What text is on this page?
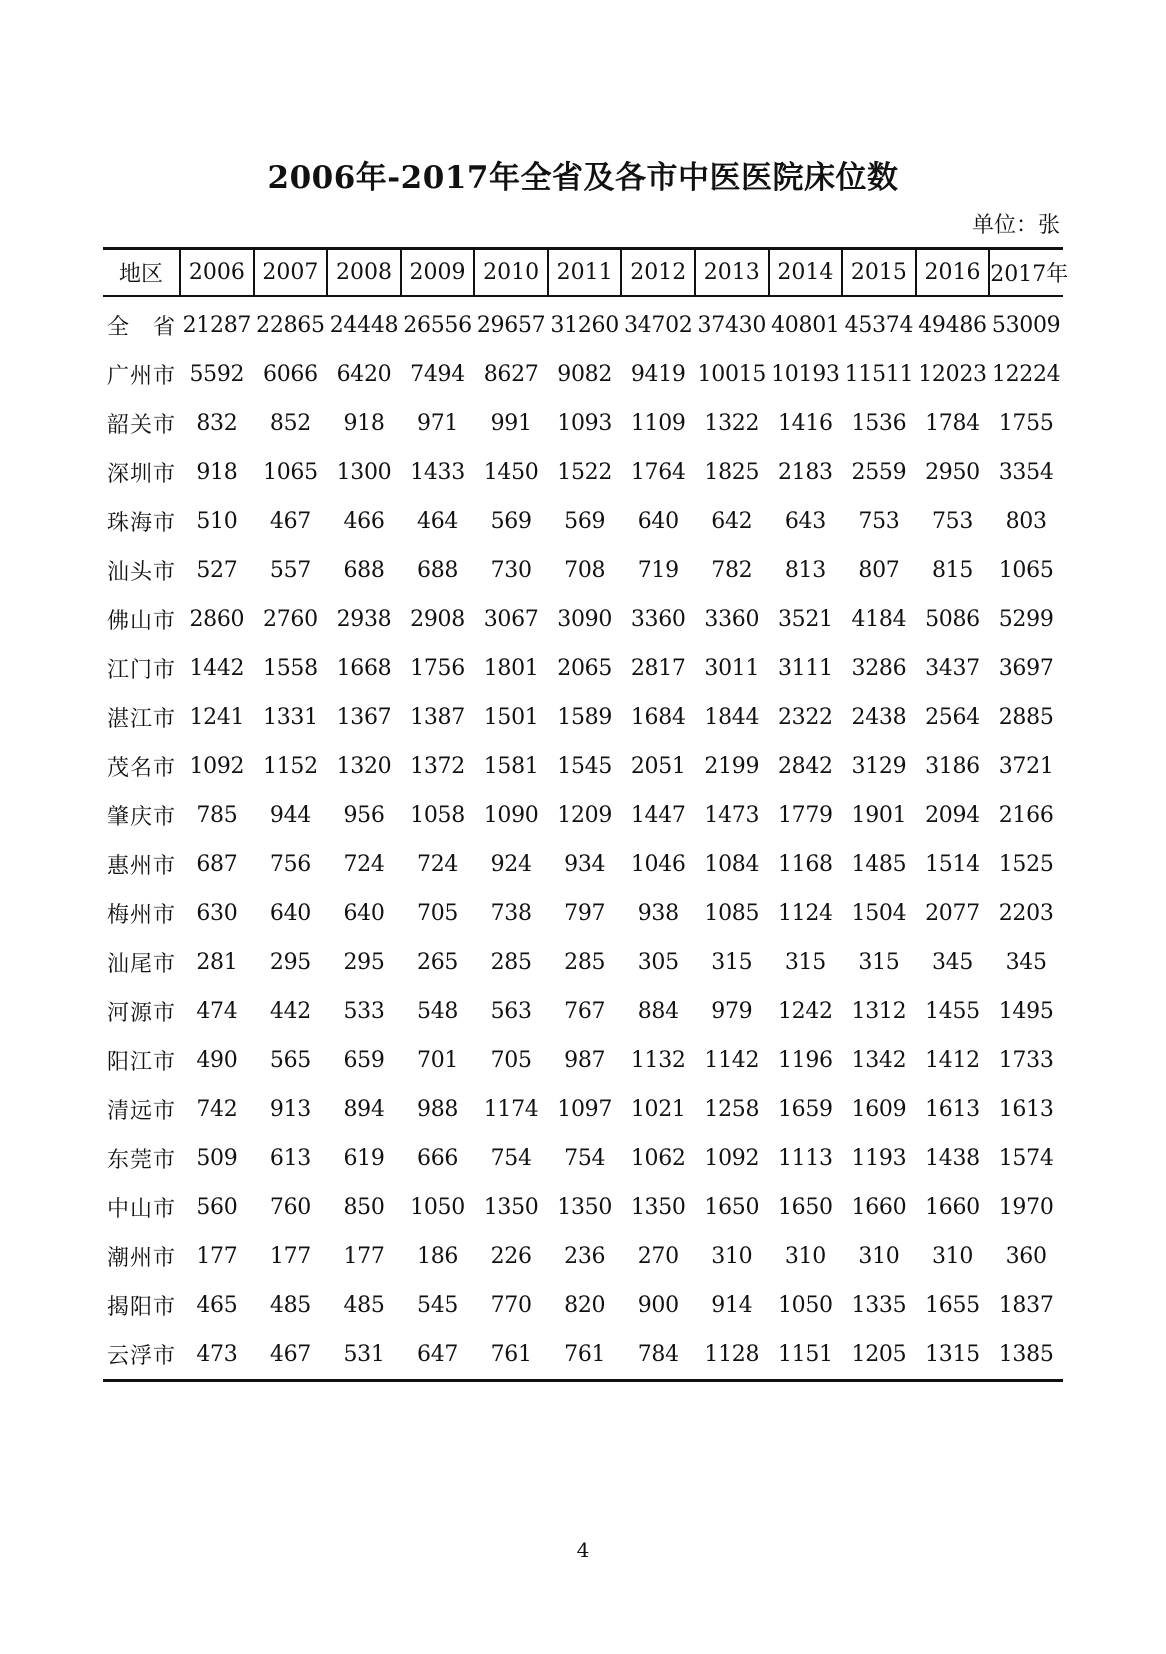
2006年-2017年全省及各市中医医院床位数
单位：张
地区	2006	2007	2008	2009	2010	2011	2012	2013	2014	2015	2016	2017年
全　省	21287	22865	24448	26556	29657	31260	34702	37430	40801	45374	49486	53009
广州市	5592	6066	6420	7494	8627	9082	9419	10015	10193	11511	12023	12224
韶关市	832	852	918	971	991	1093	1109	1322	1416	1536	1784	1755
深圳市	918	1065	1300	1433	1450	1522	1764	1825	2183	2559	2950	3354
珠海市	510	467	466	464	569	569	640	642	643	753	753	803
汕头市	527	557	688	688	730	708	719	782	813	807	815	1065
佛山市	2860	2760	2938	2908	3067	3090	3360	3360	3521	4184	5086	5299
江门市	1442	1558	1668	1756	1801	2065	2817	3011	3111	3286	3437	3697
湛江市	1241	1331	1367	1387	1501	1589	1684	1844	2322	2438	2564	2885
茂名市	1092	1152	1320	1372	1581	1545	2051	2199	2842	3129	3186	3721
肇庆市	785	944	956	1058	1090	1209	1447	1473	1779	1901	2094	2166
惠州市	687	756	724	724	924	934	1046	1084	1168	1485	1514	1525
梅州市	630	640	640	705	738	797	938	1085	1124	1504	2077	2203
汕尾市	281	295	295	265	285	285	305	315	315	315	345	345
河源市	474	442	533	548	563	767	884	979	1242	1312	1455	1495
阳江市	490	565	659	701	705	987	1132	1142	1196	1342	1412	1733
清远市	742	913	894	988	1174	1097	1021	1258	1659	1609	1613	1613
东莞市	509	613	619	666	754	754	1062	1092	1113	1193	1438	1574
中山市	560	760	850	1050	1350	1350	1350	1650	1650	1660	1660	1970
潮州市	177	177	177	186	226	236	270	310	310	310	310	360
揭阳市	465	485	485	545	770	820	900	914	1050	1335	1655	1837
云浮市	473	467	531	647	761	761	784	1128	1151	1205	1315	1385
4
